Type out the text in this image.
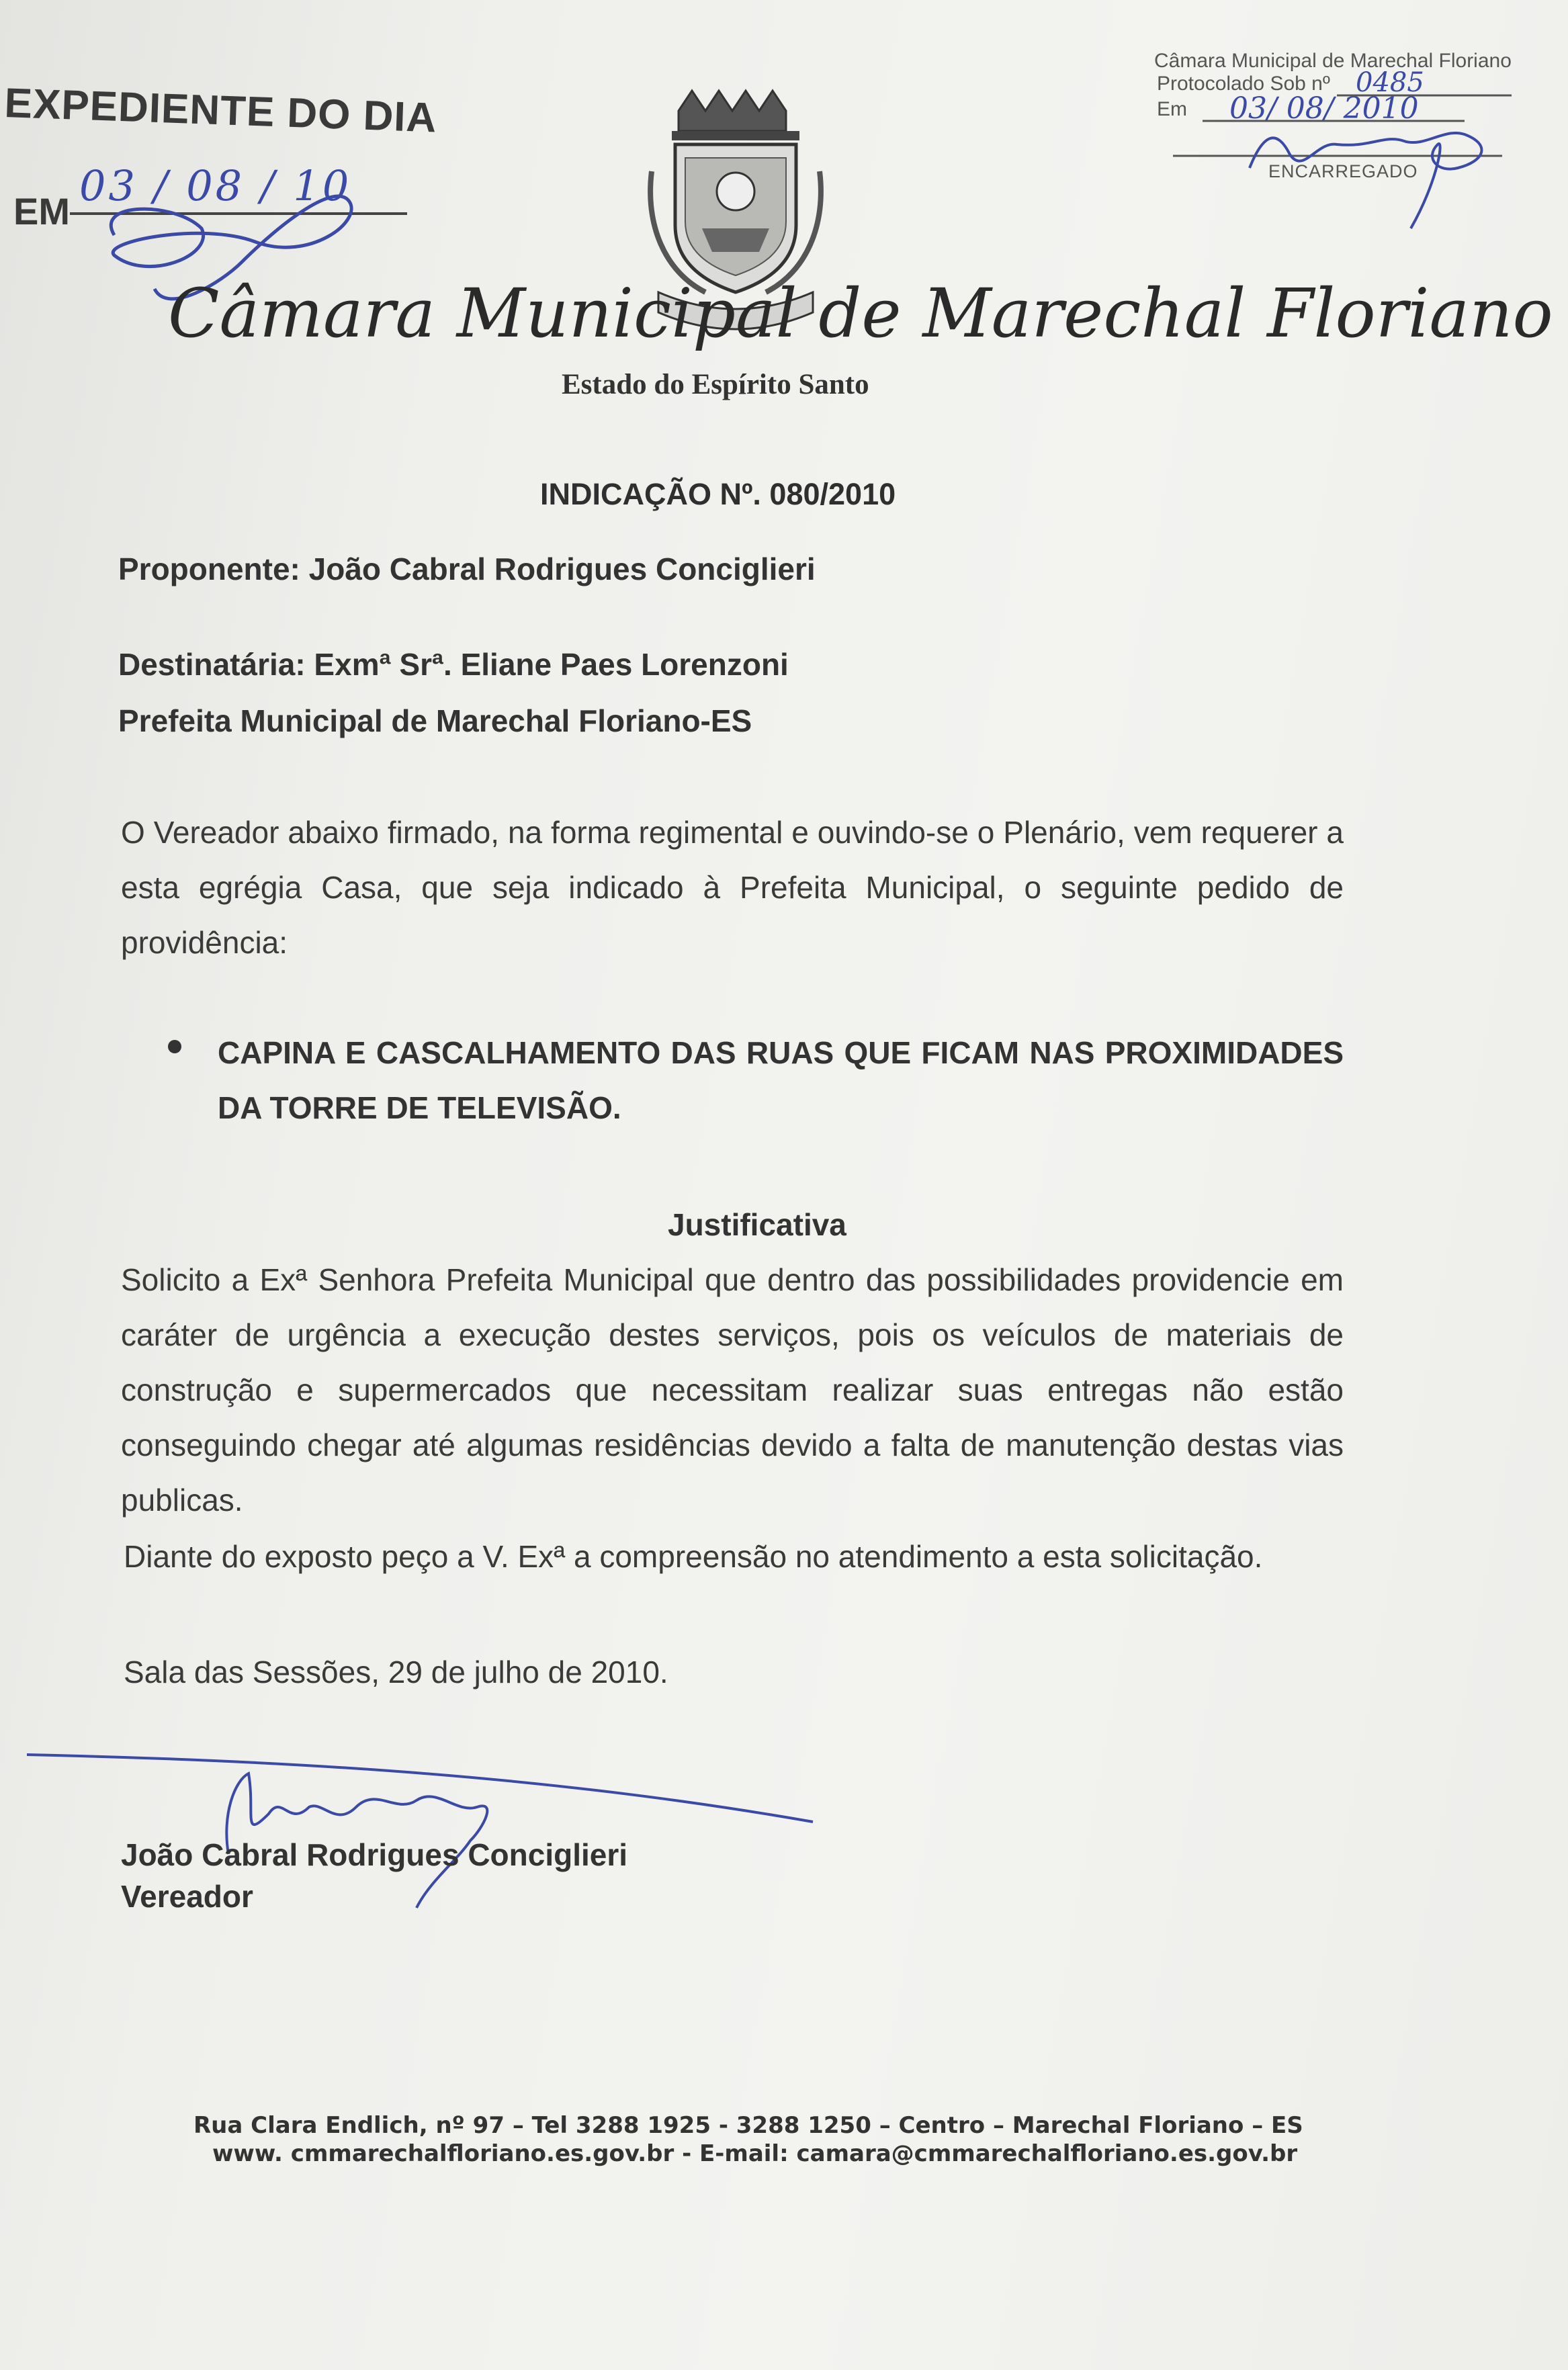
EXPEDIENTE DO DIA
EM
03 / 08 / 10
Câmara Municipal de Marechal Floriano
Protocolado Sob nº 0485
Em 03/ 08/ 2010
ENCARREGADO
Câmara Municipal de Marechal Floriano
Estado do Espírito Santo
INDICAÇÃO Nº. 080/2010
Proponente: João Cabral Rodrigues Conciglieri
Destinatária: Exmª Srª. Eliane Paes Lorenzoni
Prefeita Municipal de Marechal Floriano-ES

O Vereador abaixo firmado, na forma regimental e ouvindo-se o Plenário, vem requerer a esta egrégia Casa, que seja indicado à Prefeita Municipal, o seguinte pedido de providência:

CAPINA E CASCALHAMENTO DAS RUAS QUE FICAM NAS PROXIMIDADES DA TORRE DE TELEVISÃO.

Justificativa

Solicito a Exª Senhora Prefeita Municipal que dentro das possibilidades providencie em caráter de urgência a execução destes serviços, pois os veículos de materiais de construção e supermercados que necessitam realizar suas entregas não estão conseguindo chegar até algumas residências devido a falta de manutenção destas vias publicas.

Diante do exposto peço a V. Exª a compreensão no atendimento a esta solicitação.
Sala das Sessões, 29 de julho de 2010.
João Cabral Rodrigues Conciglieri
Vereador
Rua Clara Endlich, nº 97 – Tel 3288 1925 - 3288 1250 – Centro – Marechal Floriano – ES
www. cmmarechalfloriano.es.gov.br - E-mail: camara@cmmarechalfloriano.es.gov.br
